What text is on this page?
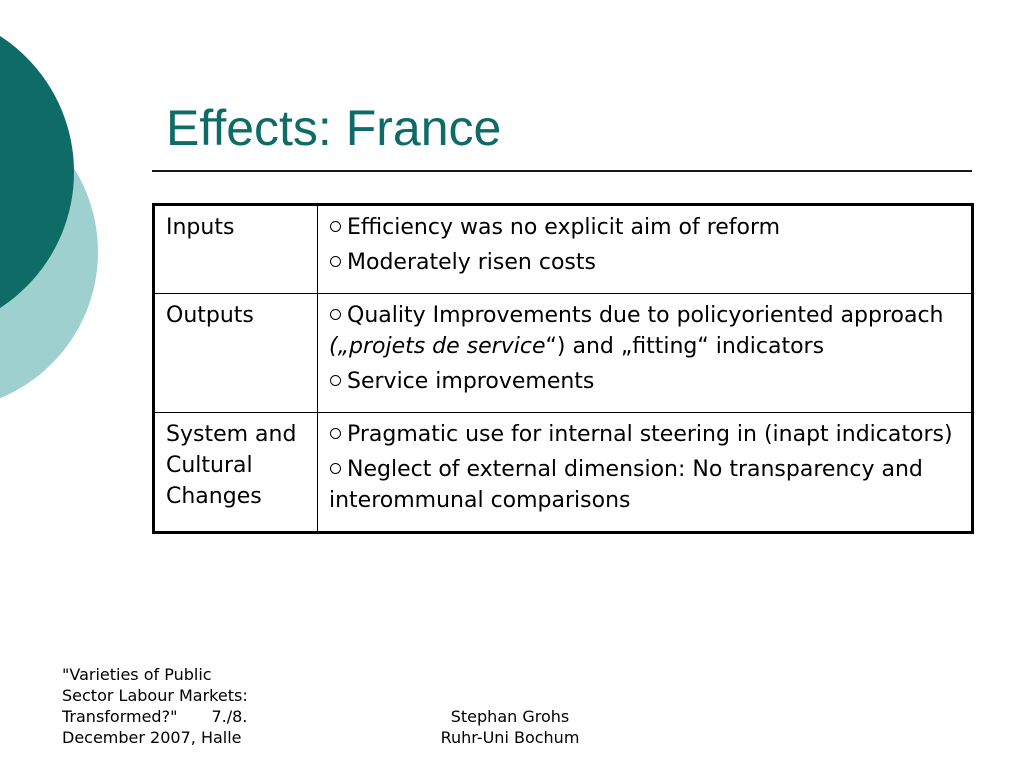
Effects: France
Inputs	Efficiency was no explicit aim of reform
Moderately risen costs

Outputs	Quality Improvements due to policyoriented approach („projets de service“) and „fitting“ indicators
Service improvements

System and Cultural Changes	Pragmatic use for internal steering in (inapt indicators)
Neglect of external dimension: No transparency and interommunal comparisons
"Varieties of Public
Sector Labour Markets:
Transformed?" 7./8.
December 2007, Halle
Stephan Grohs
Ruhr-Uni Bochum
